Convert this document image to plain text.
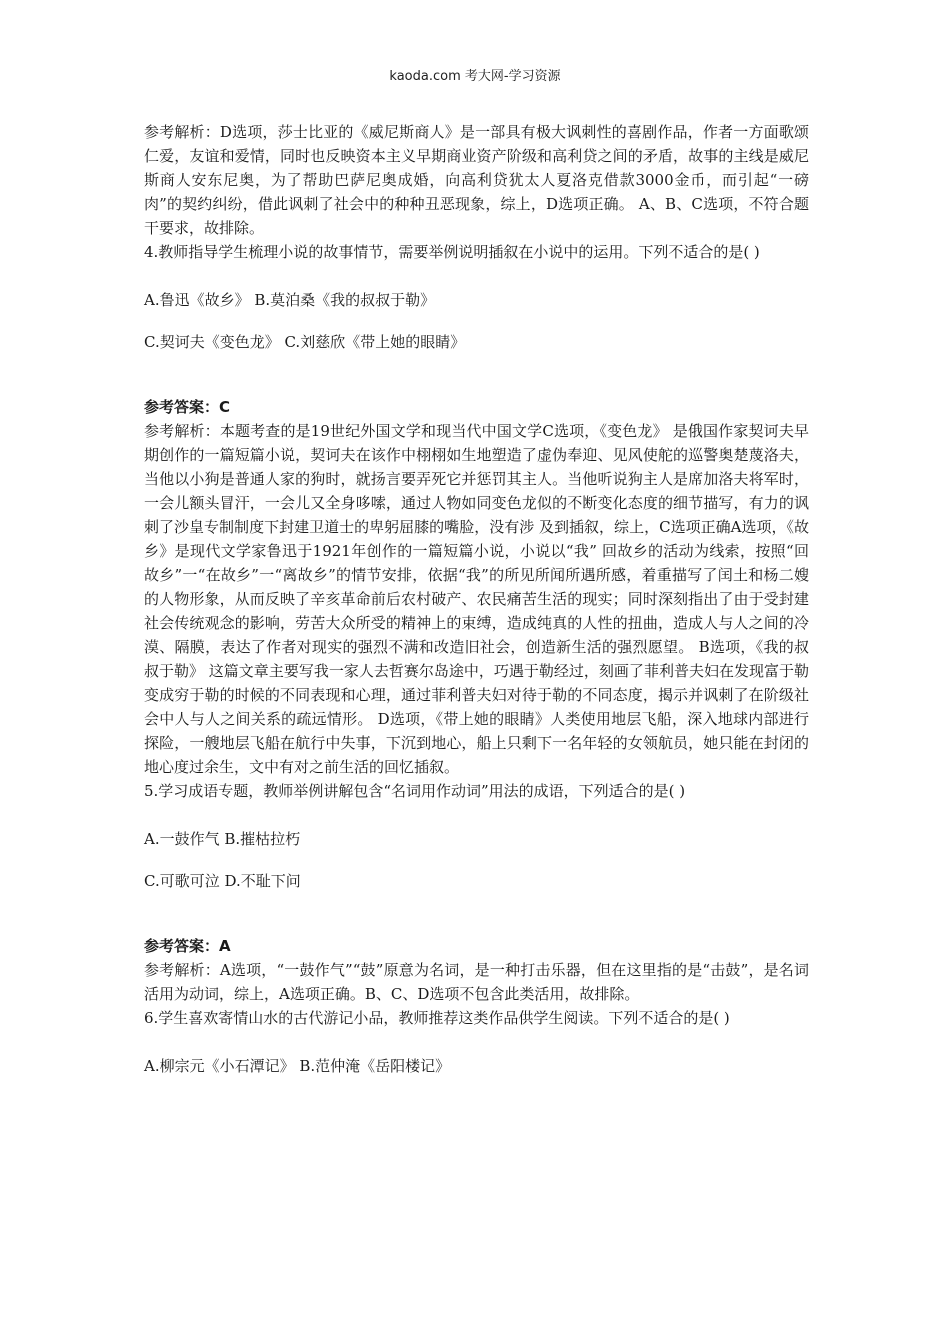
kaoda.com 考大网-学习资源

参考解析：D选项，莎士比亚的《威尼斯商人》是一部具有极大讽刺性的喜剧作品，作者一方面歌颂仁爱，友谊和爱情，同时也反映资本主义早期商业资产阶级和高利贷之间的矛盾，故事的主线是威尼斯商人安东尼奥，为了帮助巴萨尼奥成婚，向高利贷犹太人夏洛克借款3000金币，而引起“一磅肉”的契约纠纷，借此讽刺了社会中的种种丑恶现象，综上，D选项正确。 A、B、C选项，不符合题干要求，故排除。

4.教师指导学生梳理小说的故事情节，需要举例说明插叙在小说中的运用。下列不适合的是( )

A.鲁迅《故乡》 B.莫泊桑《我的叔叔于勒》

C.契诃夫《变色龙》 C.刘慈欣《带上她的眼睛》

参考答案：C

参考解析：本题考查的是19世纪外国文学和现当代中国文学C选项，《变色龙》 是俄国作家契诃夫早期创作的一篇短篇小说，契诃夫在该作中栩栩如生地塑造了虚伪奉迎、见风使舵的巡警奥楚蔑洛夫，当他以小狗是普通人家的狗时，就扬言要弄死它并惩罚其主人。当他听说狗主人是席加洛夫将军时，一会儿额头冒汗，一会儿又全身哆嗦，通过人物如同变色龙似的不断变化态度的细节描写，有力的讽刺了沙皇专制制度下封建卫道士的卑躬屈膝的嘴脸，没有涉 及到插叙，综上，C选项正确A选项，《故乡》是现代文学家鲁迅于1921年创作的一篇短篇小说，小说以“我” 回故乡的活动为线索，按照“回故乡”一“在故乡”一“离故乡”的情节安排，依据“我”的所见所闻所遇所感，着重描写了闰土和杨二嫂的人物形象，从而反映了辛亥革命前后农村破产、农民痛苦生活的现实；同时深刻指出了由于受封建社会传统观念的影响，劳苦大众所受的精神上的束缚，造成纯真的人性的扭曲，造成人与人之间的冷漠、隔膜，表达了作者对现实的强烈不满和改造旧社会，创造新生活的强烈愿望。 B选项，《我的叔叔于勒》 这篇文章主要写我一家人去哲赛尔岛途中，巧遇于勒经过，刻画了菲利普夫妇在发现富于勒变成穷于勒的时候的不同表现和心理，通过菲利普夫妇对待于勒的不同态度，揭示并讽刺了在阶级社会中人与人之间关系的疏远情形。 D选项，《带上她的眼睛》人类使用地层飞船，深入地球内部进行探险，一艘地层飞船在航行中失事，下沉到地心，船上只剩下一名年轻的女领航员，她只能在封闭的地心度过余生，文中有对之前生活的回忆插叙。

5.学习成语专题，教师举例讲解包含“名词用作动词”用法的成语，下列适合的是( )

A.一鼓作气 B.摧枯拉朽

C.可歌可泣 D.不耻下问

参考答案：A

参考解析：A选项，“一鼓作气”“鼓”原意为名词，是一种打击乐器，但在这里指的是“击鼓”，是名词活用为动词，综上，A选项正确。B、C、D选项不包含此类活用，故排除。

6.学生喜欢寄情山水的古代游记小品，教师推荐这类作品供学生阅读。下列不适合的是( )

A.柳宗元《小石潭记》 B.范仲淹《岳阳楼记》
